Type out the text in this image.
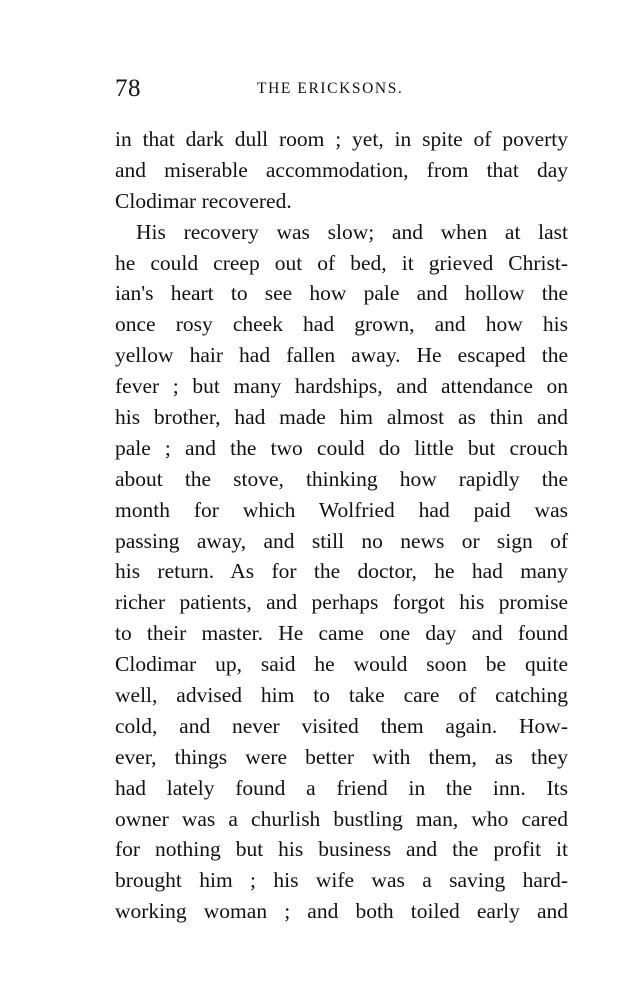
78	THE ERICKSONS.
in that dark dull room ; yet, in spite of poverty
and miserable accommodation, from that day
Clodimar recovered.
His recovery was slow; and when at last
he could creep out of bed, it grieved Christ-
ian's heart to see how pale and hollow the
once rosy cheek had grown, and how his
yellow hair had fallen away. He escaped the
fever ; but many hardships, and attendance on
his brother, had made him almost as thin and
pale ; and the two could do little but crouch
about the stove, thinking how rapidly the
month for which Wolfried had paid was
passing away, and still no news or sign of
his return. As for the doctor, he had many
richer patients, and perhaps forgot his promise
to their master. He came one day and found
Clodimar up, said he would soon be quite
well, advised him to take care of catching
cold, and never visited them again. How-
ever, things were better with them, as they
had lately found a friend in the inn. Its
owner was a churlish bustling man, who cared
for nothing but his business and the profit it
brought him ; his wife was a saving hard-
working woman ; and both toiled early and
